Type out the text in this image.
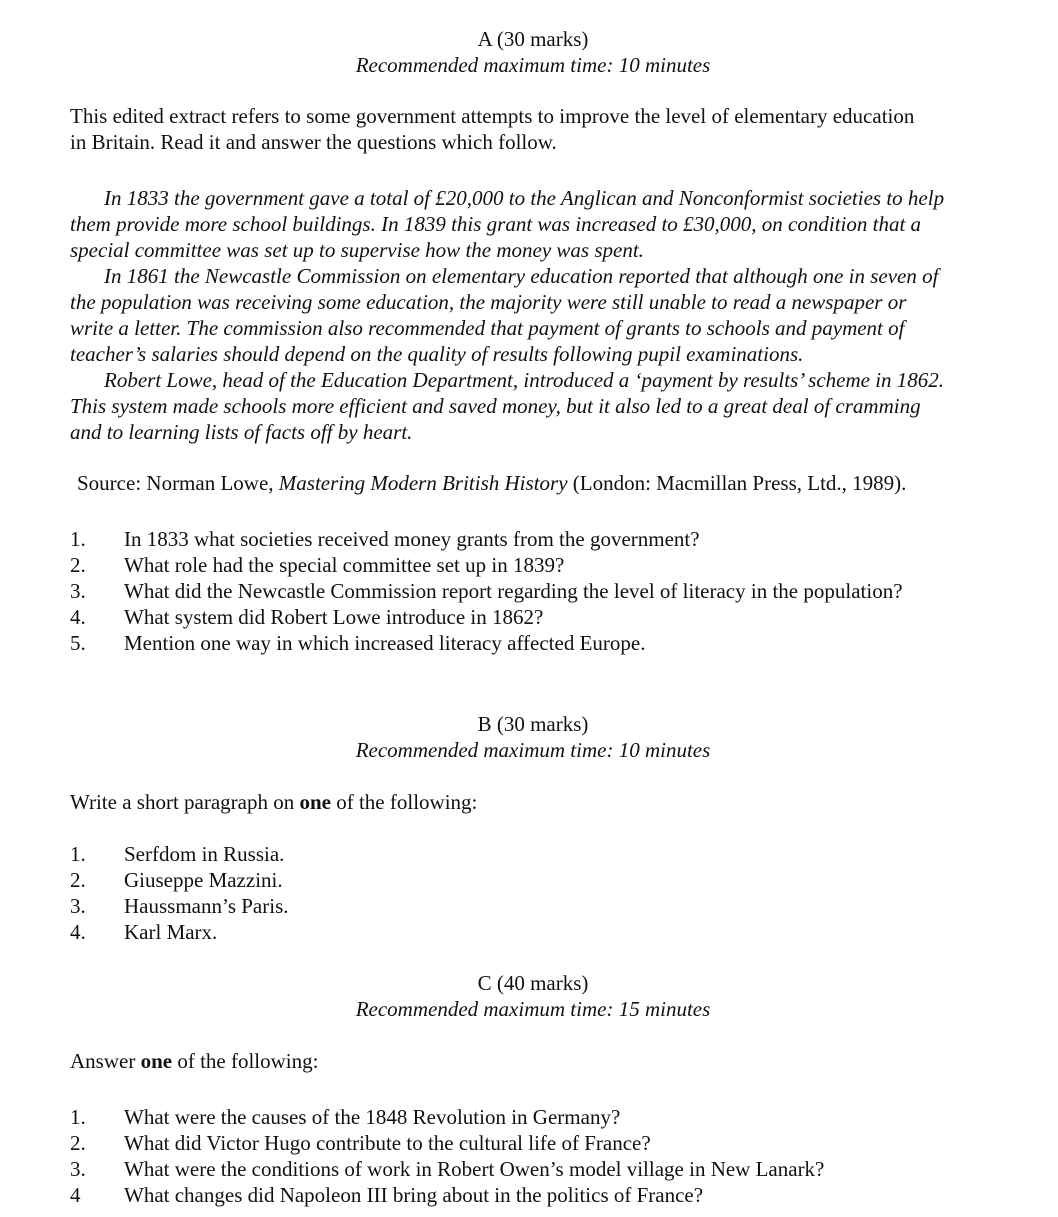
A (30 marks)
Recommended maximum time: 10 minutes
This edited extract refers to some government attempts to improve the level of elementary education
in Britain. Read it and answer the questions which follow.
In 1833 the government gave a total of £20,000 to the Anglican and Nonconformist societies to help
them provide more school buildings. In 1839 this grant was increased to £30,000, on condition that a
special committee was set up to supervise how the money was spent.
In 1861 the Newcastle Commission on elementary education reported that although one in seven of
the population was receiving some education, the majority were still unable to read a newspaper or
write a letter. The commission also recommended that payment of grants to schools and payment of
teacher’s salaries should depend on the quality of results following pupil examinations.
Robert Lowe, head of the Education Department, introduced a ‘payment by results’ scheme in 1862.
This system made schools more efficient and saved money, but it also led to a great deal of cramming
and to learning lists of facts off by heart.
Source: Norman Lowe, Mastering Modern British History (London: Macmillan Press, Ltd., 1989).
1.	In 1833 what societies received money grants from the government?
2.	What role had the special committee set up in 1839?
3.	What did the Newcastle Commission report regarding the level of literacy in the population?
4.	What system did Robert Lowe introduce in 1862?
5.	Mention one way in which increased literacy affected Europe.
B (30 marks)
Recommended maximum time: 10 minutes
Write a short paragraph on one of the following:
1.	Serfdom in Russia.
2.	Giuseppe Mazzini.
3.	Haussmann’s Paris.
4.	Karl Marx.
C (40 marks)
Recommended maximum time: 15 minutes
Answer one of the following:
1.	What were the causes of the 1848 Revolution in Germany?
2.	What did Victor Hugo contribute to the cultural life of France?
3.	What were the conditions of work in Robert Owen’s model village in New Lanark?
4	What changes did Napoleon III bring about in the politics of France?
